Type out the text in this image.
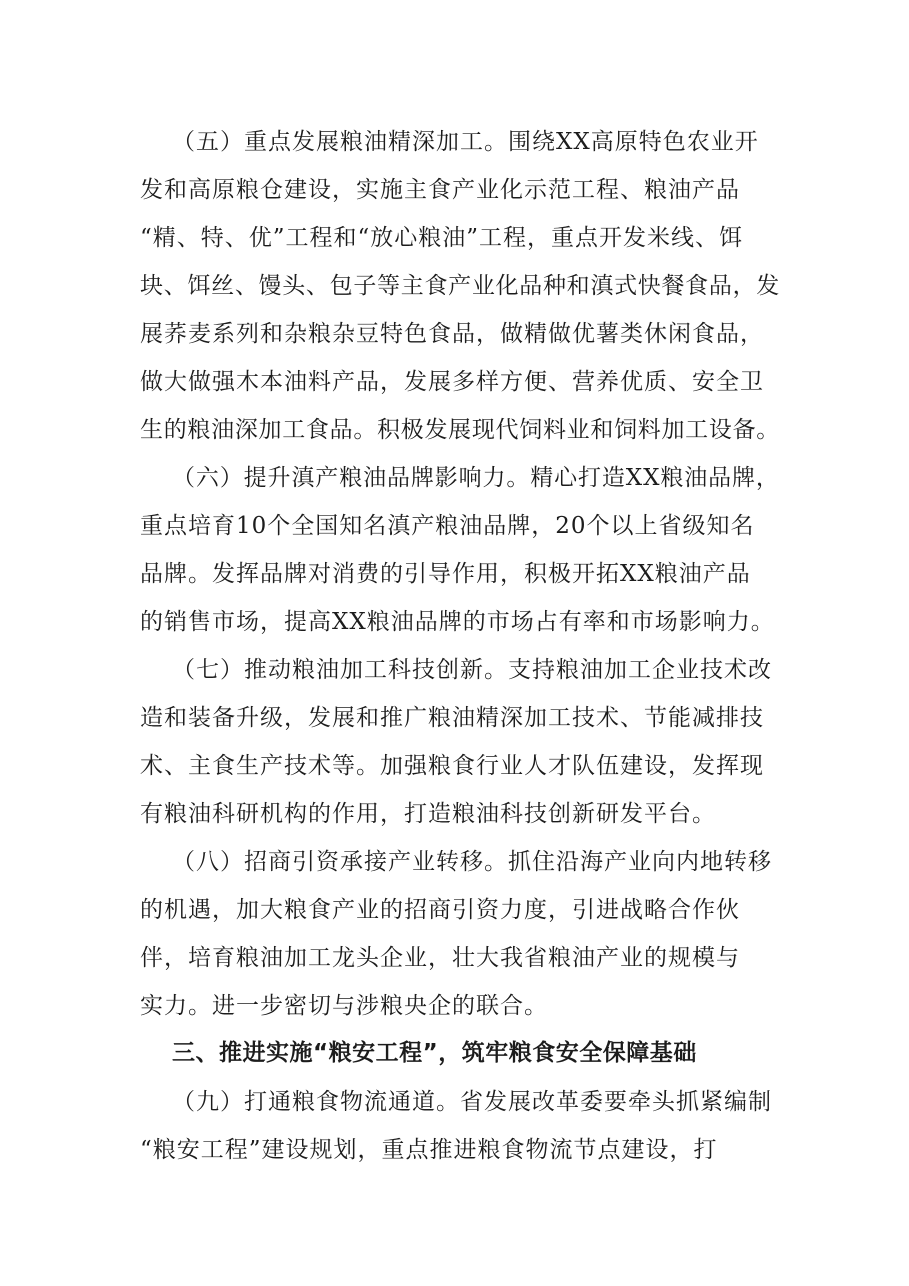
（五）重点发展粮油精深加工。围绕XX高原特色农业开

发和高原粮仓建设，实施主食产业化示范工程、粮油产品

“精、特、优”工程和“放心粮油”工程，重点开发米线、饵

块、饵丝、馒头、包子等主食产业化品种和滇式快餐食品，发

展荞麦系列和杂粮杂豆特色食品，做精做优薯类休闲食品，

做大做强木本油料产品，发展多样方便、营养优质、安全卫

生的粮油深加工食品。积极发展现代饲料业和饲料加工设备。

（六）提升滇产粮油品牌影响力。精心打造XX粮油品牌，

重点培育10个全国知名滇产粮油品牌，20个以上省级知名

品牌。发挥品牌对消费的引导作用，积极开拓XX粮油产品

的销售市场，提高XX粮油品牌的市场占有率和市场影响力。

（七）推动粮油加工科技创新。支持粮油加工企业技术改

造和装备升级，发展和推广粮油精深加工技术、节能减排技

术、主食生产技术等。加强粮食行业人才队伍建设，发挥现

有粮油科研机构的作用，打造粮油科技创新研发平台。

（八）招商引资承接产业转移。抓住沿海产业向内地转移

的机遇，加大粮食产业的招商引资力度，引进战略合作伙

伴，培育粮油加工龙头企业，壮大我省粮油产业的规模与

实力。进一步密切与涉粮央企的联合。

三、推进实施“粮安工程”，筑牢粮食安全保障基础

（九）打通粮食物流通道。省发展改革委要牵头抓紧编制

“粮安工程”建设规划，重点推进粮食物流节点建设，打
